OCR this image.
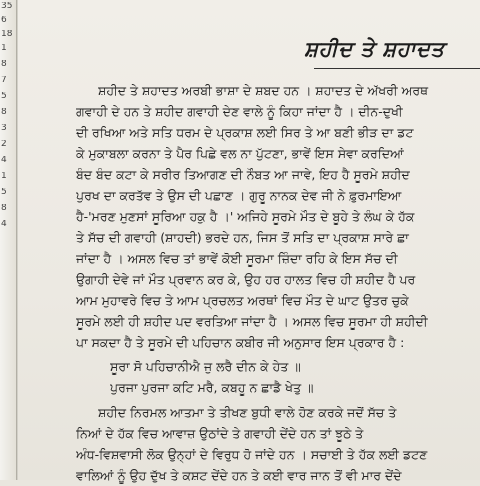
35
6
18
1
8
7
5
8
3
2
4
1
5
8
4
ਸ਼ਹੀਦ ਤੇ ਸ਼ਹਾਦਤ
ਸ਼ਹੀਦ ਤੇ ਸ਼ਹਾਦਤ ਅਰਬੀ ਭਾਸ਼ਾ ਦੇ ਸ਼ਬਦ ਹਨ । ਸ਼ਹਾਦਤ ਦੇ ਅੱਖਰੀ ਅਰਥ
ਗਵਾਹੀ ਦੇ ਹਨ ਤੇ ਸ਼ਹੀਦ ਗਵਾਹੀ ਦੇਣ ਵਾਲੇ ਨੂੰ ਕਿਹਾ ਜਾਂਦਾ ਹੈ । ਦੀਨ-ਦੁਖੀ
ਦੀ ਰਖਿਆ ਅਤੇ ਸਤਿ ਧਰਮ ਦੇ ਪ੍ਰਕਾਸ਼ ਲਈ ਸਿਰ ਤੇ ਆ ਬਣੀ ਭੀੜ ਦਾ ਡਟ
ਕੇ ਮੁਕਾਬਲਾ ਕਰਨਾ ਤੇ ਪੈਰ ਪਿਛੇ ਵਲ ਨਾ ਪੁੱਟਣਾ, ਭਾਵੇਂ ਇਸ ਸੇਵਾ ਕਰਦਿਆਂ
ਬੰਦ ਬੰਦ ਕਟਾ ਕੇ ਸਰੀਰ ਤਿਆਗਣ ਦੀ ਨੌਬਤ ਆ ਜਾਵੇ, ਇਹ ਹੈ ਸੂਰਮੇ ਸ਼ਹੀਦ
ਪੁਰਖ ਦਾ ਕਰਤੱਵ ਤੇ ਉਸ ਦੀ ਪਛਾਣ । ਗੁਰੂ ਨਾਨਕ ਦੇਵ ਜੀ ਨੇ ਫ਼ੁਰਮਾਇਆ
ਹੈ-'ਮਰਣ ਮੁਣਸਾਂ ਸੂਰਿਆ ਹਕੁ ਹੈ ।' ਅਜਿਹੇ ਸੂਰਮੇ ਮੌਤ ਦੇ ਬੂਹੇ ਤੇ ਲੰਘ ਕੇ ਹੱਕ
ਤੇ ਸੱਚ ਦੀ ਗਵਾਹੀ (ਸ਼ਾਹਦੀ) ਭਰਦੇ ਹਨ, ਜਿਸ ਤੋਂ ਸਤਿ ਦਾ ਪ੍ਰਕਾਸ਼ ਸਾਰੇ ਛਾ
ਜਾਂਦਾ ਹੈ । ਅਸਲ ਵਿਚ ਤਾਂ ਭਾਵੇਂ ਕੋਈ ਸੂਰਮਾ ਜ਼ਿੰਦਾ ਰਹਿ ਕੇ ਇਸ ਸੱਚ ਦੀ
ਉਗਾਹੀ ਦੇਵੇ ਜਾਂ ਮੌਤ ਪ੍ਰਵਾਨ ਕਰ ਕੇ, ਉਹ ਹਰ ਹਾਲਤ ਵਿਚ ਹੀ ਸ਼ਹੀਦ ਹੈ ਪਰ
ਆਮ ਮੁਹਾਵਰੇ ਵਿਚ ਤੇ ਆਮ ਪ੍ਰਚਲਤ ਅਰਥਾਂ ਵਿਚ ਮੌਤ ਦੇ ਘਾਟ ਉਤਰ ਚੁਕੇ
ਸੂਰਮੇ ਲਈ ਹੀ ਸ਼ਹੀਦ ਪਦ ਵਰਤਿਆ ਜਾਂਦਾ ਹੈ । ਅਸਲ ਵਿਚ ਸੂਰਮਾ ਹੀ ਸ਼ਹੀਦੀ
ਪਾ ਸਕਦਾ ਹੈ ਤੇ ਸੂਰਮੇ ਦੀ ਪਹਿਚਾਨ ਕਬੀਰ ਜੀ ਅਨੁਸਾਰ ਇਸ ਪ੍ਰਕਾਰ ਹੈ :
ਸੂਰਾ ਸੋ ਪਹਿਚਾਨੀਐ ਜੁ ਲਰੈ ਦੀਨ ਕੇ ਹੇਤ ॥
ਪੁਰਜਾ ਪੁਰਜਾ ਕਟਿ ਮਰੈ, ਕਬਹੂ ਨ ਛਾਡੈ ਖੇਤੁ ॥
ਸ਼ਹੀਦ ਨਿਰਮਲ ਆਤਮਾ ਤੇ ਤੀਖਣ ਬੁਧੀ ਵਾਲੇ ਹੋਣ ਕਰਕੇ ਜਦੋਂ ਸੱਚ ਤੇ
ਨਿਆਂ ਦੇ ਹੱਕ ਵਿਚ ਆਵਾਜ਼ ਉਠਾਂਦੇ ਤੇ ਗਵਾਹੀ ਦੇਂਦੇ ਹਨ ਤਾਂ ਝੂਠੇ ਤੇ
ਅੰਧ-ਵਿਸ਼ਵਾਸੀ ਲੋਕ ਉਨ੍ਹਾਂ ਦੇ ਵਿਰੁਧ ਹੋ ਜਾਂਦੇ ਹਨ । ਸਚਾਈ ਤੇ ਹੱਕ ਲਈ ਡਟਣ
ਵਾਲਿਆਂ ਨੂੰ ਉਹ ਦੁੱਖ ਤੇ ਕਸ਼ਟ ਦੇਂਦੇ ਹਨ ਤੇ ਕਈ ਵਾਰ ਜਾਨ ਤੋਂ ਵੀ ਮਾਰ ਦੇਂਦੇ
